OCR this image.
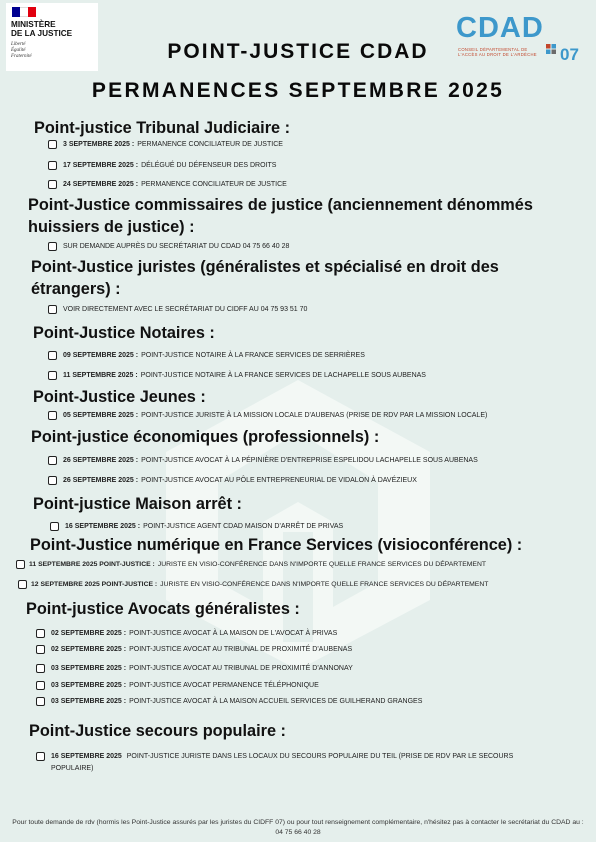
MINISTÈRE
DE LA JUSTICE
Liberté
Égalité
Fraternité
CDAD
CONSEIL DÉPARTEMENTAL DE L'ACCÈS AU DROIT DE L'ARDÈCHE	07
POINT-JUSTICE CDAD
PERMANENCES SEPTEMBRE 2025
Point-justice Tribunal Judiciaire :
3 SEPTEMBRE 2025 : PERMANENCE CONCILIATEUR DE JUSTICE
17 SEPTEMBRE 2025 : DÉLÉGUÉ DU DÉFENSEUR DES DROITS
24 SEPTEMBRE 2025 : PERMANENCE CONCILIATEUR DE JUSTICE
Point-Justice commissaires de justice (anciennement dénommés huissiers de justice) :
SUR DEMANDE AUPRÈS DU SECRÉTARIAT DU CDAD 04 75 66 40 28
Point-Justice juristes (généralistes et spécialisé en droit des étrangers) :
VOIR DIRECTEMENT AVEC LE SECRÉTARIAT DU CIDFF AU 04 75 93 51 70
Point-Justice Notaires :
09 SEPTEMBRE 2025 : POINT-JUSTICE NOTAIRE À LA FRANCE SERVICES DE SERRIÈRES
11 SEPTEMBRE 2025 : POINT-JUSTICE NOTAIRE À LA FRANCE SERVICES DE LACHAPELLE SOUS AUBENAS
Point-Justice Jeunes :
05 SEPTEMBRE 2025 : POINT-JUSTICE JURISTE À LA MISSION LOCALE D'AUBENAS (PRISE DE RDV PAR LA MISSION LOCALE)
Point-justice économiques (professionnels) :
26 SEPTEMBRE 2025 : POINT-JUSTICE AVOCAT À LA PÉPINIÈRE D'ENTREPRISE ESPELIDOU LACHAPELLE SOUS AUBENAS
26 SEPTEMBRE 2025 : POINT-JUSTICE AVOCAT AU PÔLE ENTREPRENEURIAL DE VIDALON À DAVÉZIEUX
Point-justice Maison arrêt :
16 SEPTEMBRE 2025 : POINT-JUSTICE AGENT CDAD MAISON D'ARRÊT DE PRIVAS
Point-Justice numérique en France Services (visioconférence) :
11 SEPTEMBRE 2025 POINT-JUSTICE : JURISTE EN VISIO-CONFÉRENCE DANS N'IMPORTE QUELLE FRANCE SERVICES DU DÉPARTEMENT
12 SEPTEMBRE 2025 POINT-JUSTICE : JURISTE EN VISIO-CONFÉRENCE DANS N'IMPORTE QUELLE FRANCE SERVICES DU DÉPARTEMENT
Point-justice Avocats généralistes :
02 SEPTEMBRE 2025 : POINT-JUSTICE AVOCAT À LA MAISON DE L'AVOCAT À PRIVAS
02 SEPTEMBRE 2025 : POINT-JUSTICE AVOCAT AU TRIBUNAL DE PROXIMITÉ D'AUBENAS
03 SEPTEMBRE 2025 : POINT-JUSTICE AVOCAT AU TRIBUNAL DE PROXIMITÉ D'ANNONAY
03 SEPTEMBRE 2025 : POINT-JUSTICE AVOCAT PERMANENCE TÉLÉPHONIQUE
03 SEPTEMBRE 2025 : POINT-JUSTICE AVOCAT À LA MAISON ACCUEIL SERVICES DE GUILHERAND GRANGES
Point-Justice secours populaire :
16 SEPTEMBRE 2025 POINT-JUSTICE JURISTE DANS LES LOCAUX DU SECOURS POPULAIRE DU TEIL (PRISE DE RDV PAR LE SECOURS POPULAIRE)
Pour toute demande de rdv (hormis les Point-Justice assurés par les juristes du CIDFF 07) ou pour tout renseignement complémentaire, n'hésitez pas à contacter le secrétariat du CDAD au : 04 75 66 40 28
